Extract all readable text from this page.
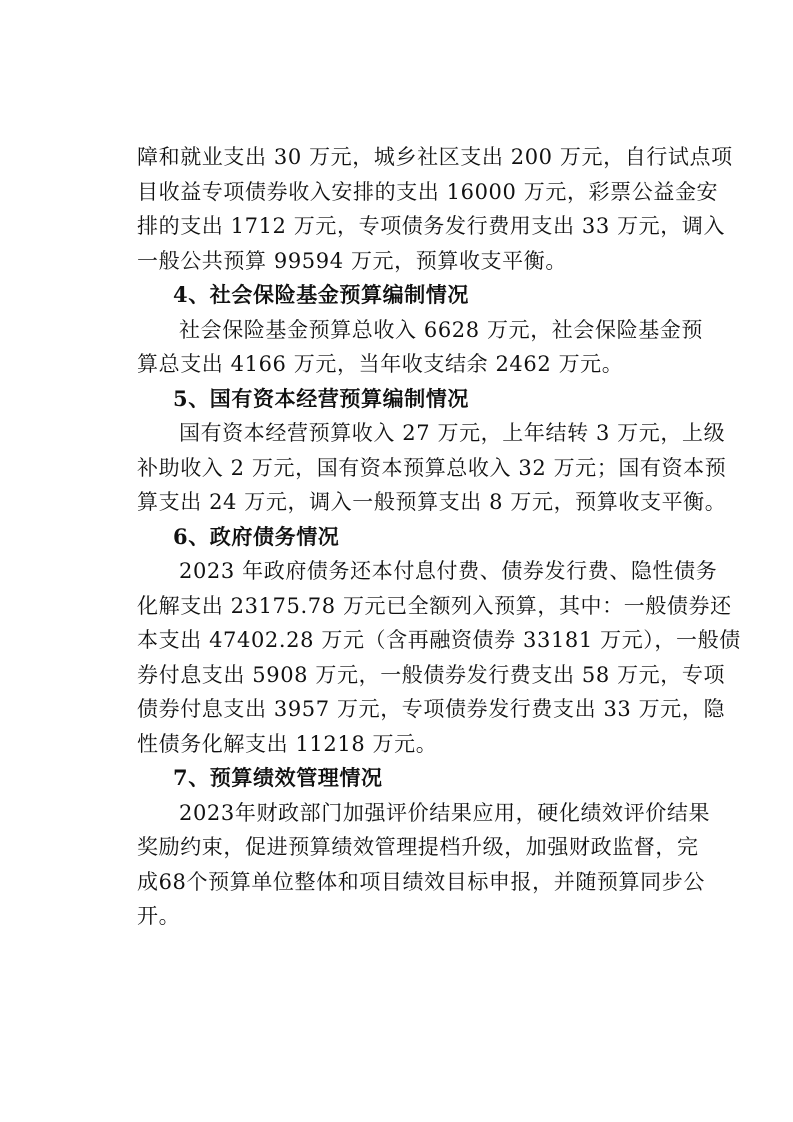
障和就业支出 30 万元，城乡社区支出 200 万元，自行试点项
目收益专项债券收入安排的支出 16000 万元，彩票公益金安
排的支出 1712 万元，专项债务发行费用支出 33 万元，调入
一般公共预算 99594 万元，预算收支平衡。

4、社会保险基金预算编制情况

社会保险基金预算总收入 6628 万元，社会保险基金预
算总支出 4166 万元，当年收支结余 2462 万元。

5、国有资本经营预算编制情况

国有资本经营预算收入 27 万元，上年结转 3 万元，上级
补助收入 2 万元，国有资本预算总收入 32 万元；国有资本预
算支出 24 万元，调入一般预算支出 8 万元，预算收支平衡。

6、政府债务情况

2023 年政府债务还本付息付费、债券发行费、隐性债务
化解支出 23175.78 万元已全额列入预算，其中：一般债券还
本支出 47402.28 万元（含再融资债券 33181 万元），一般债
券付息支出 5908 万元，一般债券发行费支出 58 万元，专项
债券付息支出 3957 万元，专项债券发行费支出 33 万元，隐
性债务化解支出 11218 万元。

7、预算绩效管理情况

2023年财政部门加强评价结果应用，硬化绩效评价结果
奖励约束，促进预算绩效管理提档升级，加强财政监督，完
成68个预算单位整体和项目绩效目标申报，并随预算同步公
开。
